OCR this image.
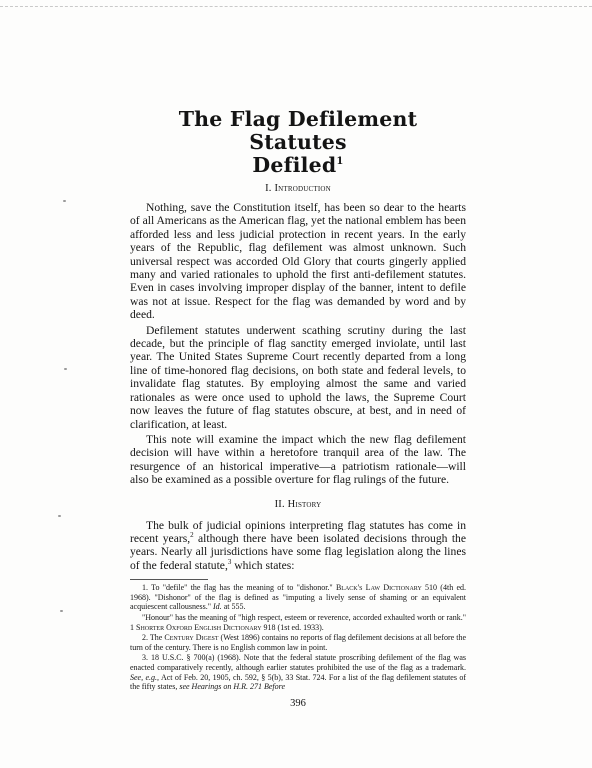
The Flag Defilement Statutes
Defiled$^1$
I. Introduction

Nothing, save the Constitution itself, has been so dear to the hearts of all Americans as the American flag, yet the national emblem has been afforded less and less judicial protection in recent years. In the early years of the Republic, flag defilement was almost unknown. Such universal respect was accorded Old Glory that courts gingerly applied many and varied rationales to uphold the first anti-defilement statutes. Even in cases involving improper display of the banner, intent to defile was not at issue. Respect for the flag was demanded by word and by deed.

Defilement statutes underwent scathing scrutiny during the last decade, but the principle of flag sanctity emerged inviolate, until last year. The United States Supreme Court recently departed from a long line of time-honored flag decisions, on both state and federal levels, to invalidate flag statutes. By employing almost the same and varied rationales as were once used to uphold the laws, the Supreme Court now leaves the future of flag statutes obscure, at best, and in need of clarification, at least.

This note will examine the impact which the new flag defilement decision will have within a heretofore tranquil area of the law. The resurgence of an historical imperative—a patriotism rationale—will also be examined as a possible overture for flag rulings of the future.

II. History

The bulk of judicial opinions interpreting flag statutes has come in recent years,$^2$ although there have been isolated decisions through the years. Nearly all jurisdictions have some flag legislation along the lines of the federal statute,$^3$ which states:

1. To "defile" the flag has the meaning of to "dishonor." Black's Law Dictionary 510 (4th ed. 1968). "Dishonor" of the flag is defined as "imputing a lively sense of shaming or an equivalent acquiescent callousness." Id. at 555.

"Honour" has the meaning of "high respect, esteem or reverence, accorded exhaulted worth or rank." 1 Shorter Oxford English Dictionary 918 (1st ed. 1933).

2. The Century Digest (West 1896) contains no reports of flag defilement decisions at all before the turn of the century. There is no English common law in point.

3. 18 U.S.C. § 700(a) (1968). Note that the federal statute proscribing defilement of the flag was enacted comparatively recently, although earlier statutes prohibited the use of the flag as a trademark. See, e.g., Act of Feb. 20, 1905, ch. 592, § 5(b), 33 Stat. 724. For a list of the flag defilement statutes of the fifty states, see Hearings on H.R. 271 Before

396
